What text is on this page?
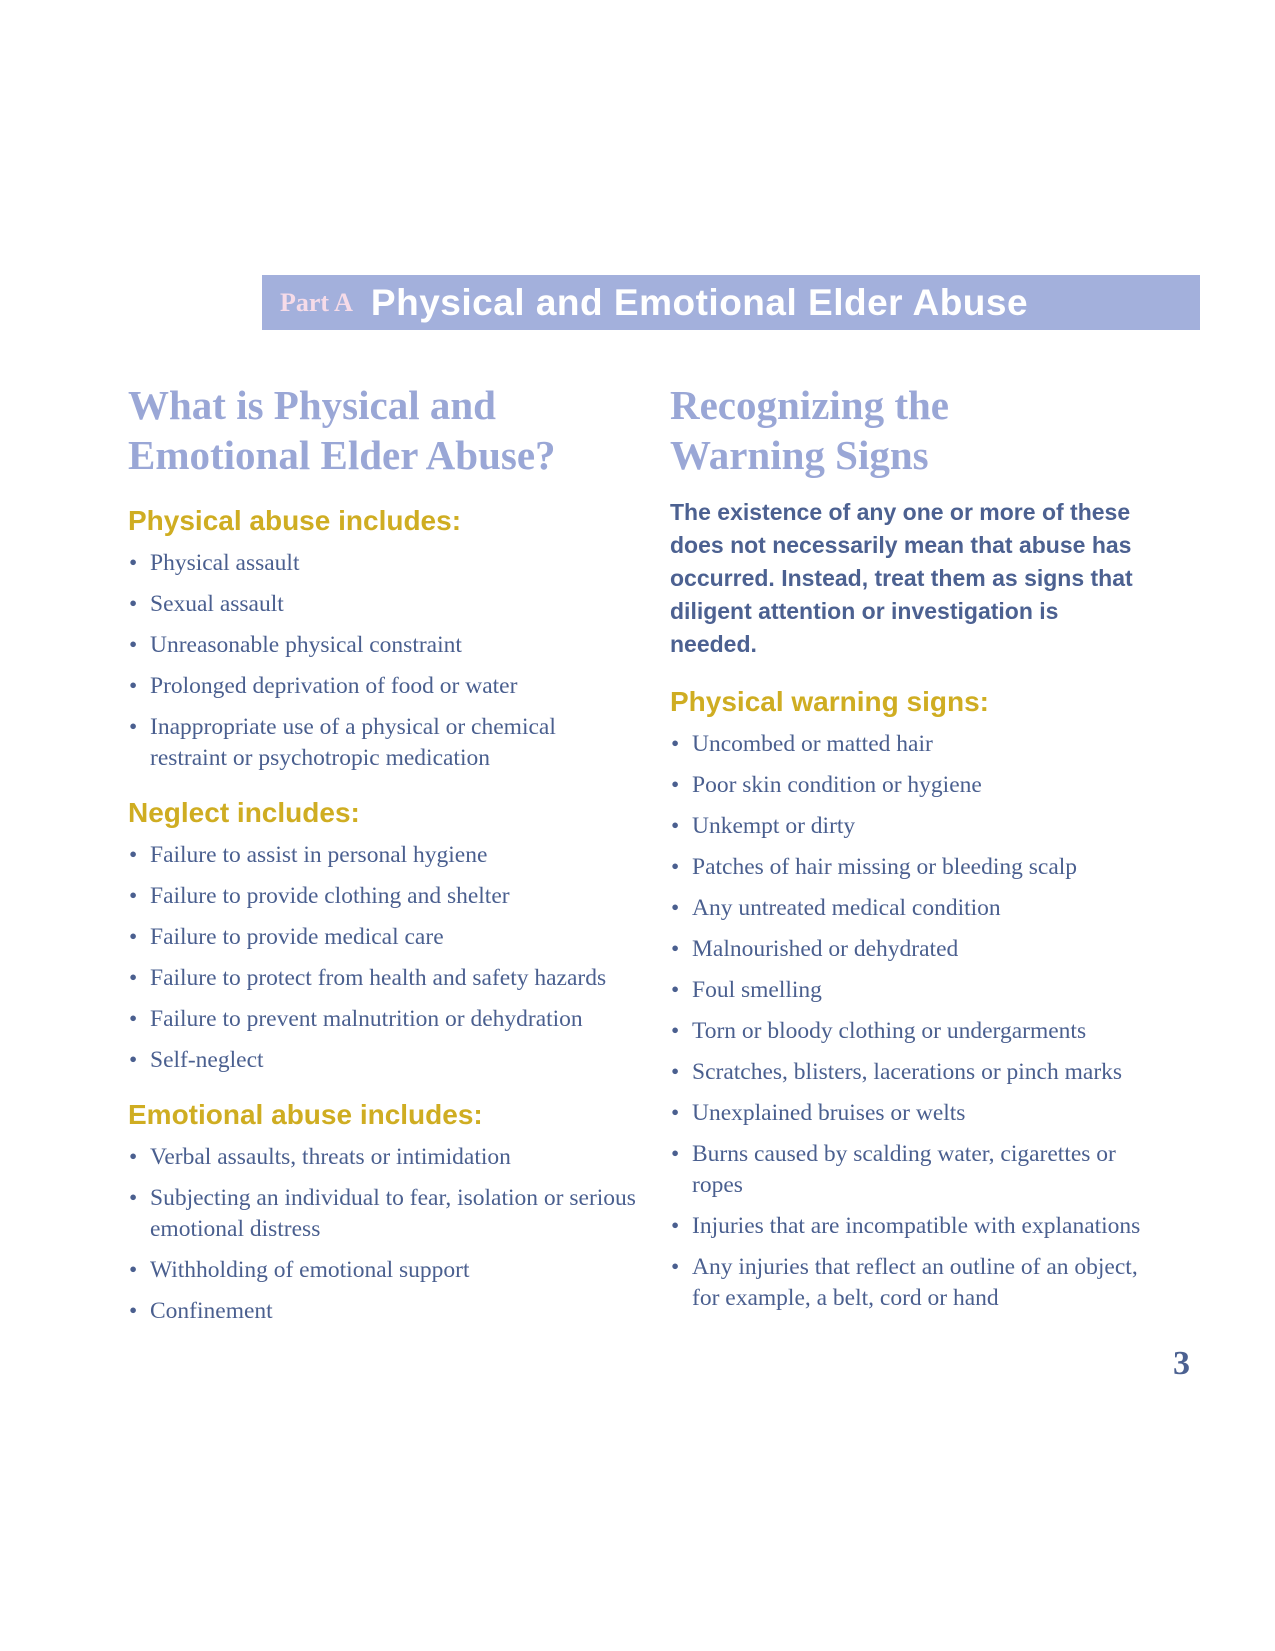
Part A Physical and Emotional Elder Abuse
What is Physical and
Emotional Elder Abuse?
Physical abuse includes:
• Physical assault
• Sexual assault
• Unreasonable physical constraint
• Prolonged deprivation of food or water
• Inappropriate use of a physical or chemical restraint or psychotropic medication
Neglect includes:
• Failure to assist in personal hygiene
• Failure to provide clothing and shelter
• Failure to provide medical care
• Failure to protect from health and safety hazards
• Failure to prevent malnutrition or dehydration
• Self-neglect
Emotional abuse includes:
• Verbal assaults, threats or intimidation
• Subjecting an individual to fear, isolation or serious emotional distress
• Withholding of emotional support
• Confinement
Recognizing the
Warning Signs

The existence of any one or more of these does not necessarily mean that abuse has occurred. Instead, treat them as signs that diligent attention or investigation is needed.

Physical warning signs:
• Uncombed or matted hair
• Poor skin condition or hygiene
• Unkempt or dirty
• Patches of hair missing or bleeding scalp
• Any untreated medical condition
• Malnourished or dehydrated
• Foul smelling
• Torn or bloody clothing or undergarments
• Scratches, blisters, lacerations or pinch marks
• Unexplained bruises or welts
• Burns caused by scalding water, cigarettes or ropes
• Injuries that are incompatible with explanations
• Any injuries that reflect an outline of an object, for example, a belt, cord or hand
3
